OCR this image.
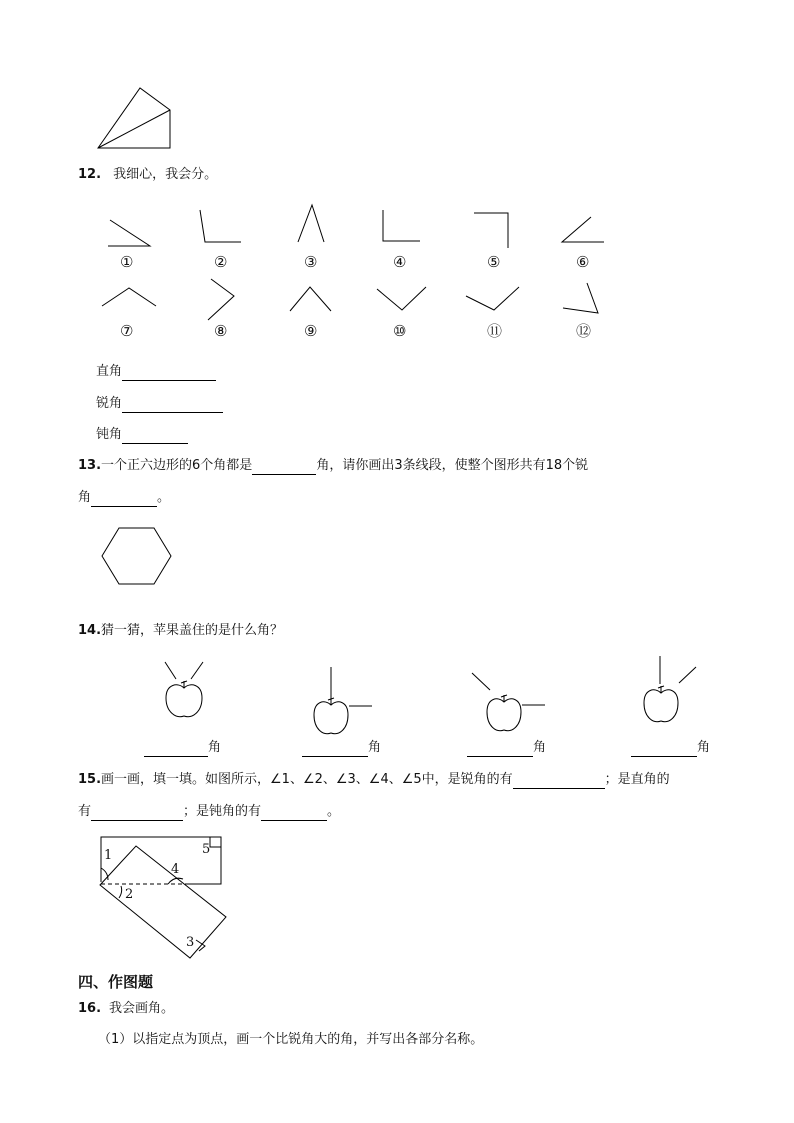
12. 我细心，我会分。
①	②	③	④	⑤	⑥
⑦	⑧	⑨	⑩	⑪	⑫
直角
锐角
钝角
13.一个正六边形的6个角都是	角，请你画出3条线段，使整个图形共有18个锐
角	。
14.猜一猜，苹果盖住的是什么角？
角	角	角	角
15.画一画，填一填。如图所示，∠1、∠2、∠3、∠4、∠5中，是锐角的有	；是直角的
有	；是钝角的有	。
1
2
3
4
5
四、作图题
16. 我会画角。
（1）以指定点为顶点，画一个比锐角大的角，并写出各部分名称。
